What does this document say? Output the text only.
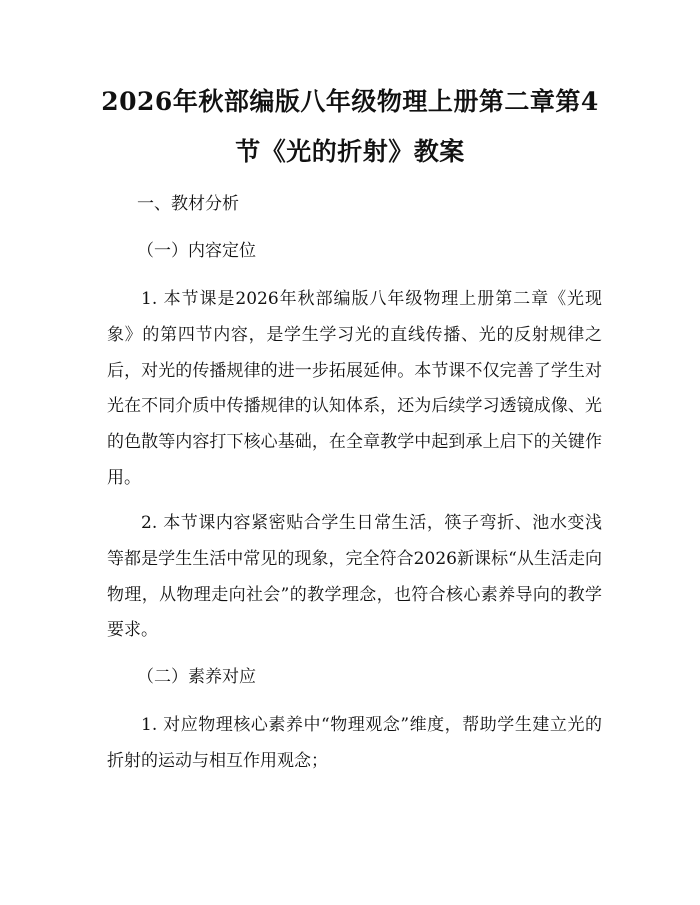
2026年秋部编版八年级物理上册第二章第4
节《光的折射》教案

一、教材分析

（一）内容定位

1. 本节课是2026年秋部编版八年级物理上册第二章《光现象》的第四节内容，是学生学习光的直线传播、光的反射规律之后，对光的传播规律的进一步拓展延伸。本节课不仅完善了学生对光在不同介质中传播规律的认知体系，还为后续学习透镜成像、光的色散等内容打下核心基础，在全章教学中起到承上启下的关键作用。

2. 本节课内容紧密贴合学生日常生活，筷子弯折、池水变浅等都是学生生活中常见的现象，完全符合2026新课标“从生活走向物理，从物理走向社会”的教学理念，也符合核心素养导向的教学要求。

（二）素养对应

1. 对应物理核心素养中“物理观念”维度，帮助学生建立光的折射的运动与相互作用观念；
